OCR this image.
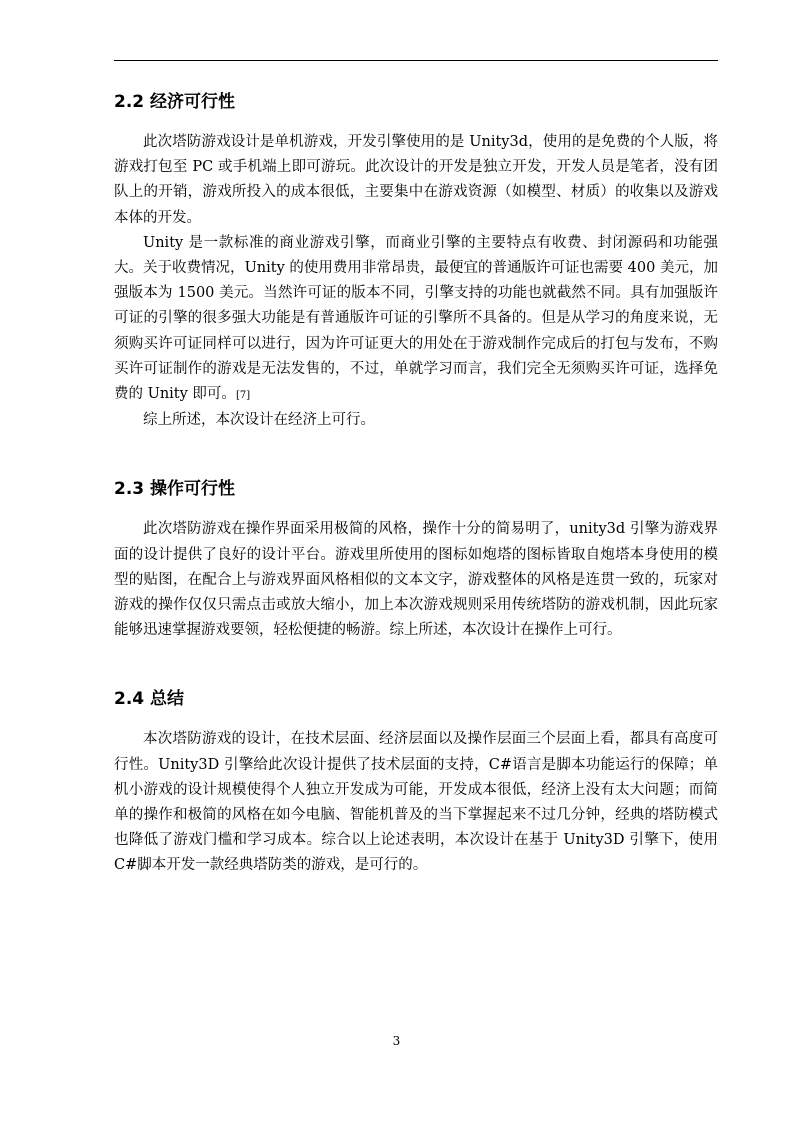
2.2 经济可行性

此次塔防游戏设计是单机游戏，开发引擎使用的是 Unity3d，使用的是免费的个人版，将游戏打包至 PC 或手机端上即可游玩。此次设计的开发是独立开发，开发人员是笔者，没有团队上的开销，游戏所投入的成本很低，主要集中在游戏资源（如模型、材质）的收集以及游戏本体的开发。

Unity 是一款标准的商业游戏引擎，而商业引擎的主要特点有收费、封闭源码和功能强大。关于收费情况，Unity 的使用费用非常昂贵，最便宜的普通版许可证也需要 400 美元，加强版本为 1500 美元。当然许可证的版本不同，引擎支持的功能也就截然不同。具有加强版许可证的引擎的很多强大功能是有普通版许可证的引擎所不具备的。但是从学习的角度来说，无须购买许可证同样可以进行，因为许可证更大的用处在于游戏制作完成后的打包与发布，不购买许可证制作的游戏是无法发售的，不过，单就学习而言，我们完全无须购买许可证，选择免费的 Unity 即可。[7]

综上所述，本次设计在经济上可行。

2.3 操作可行性

此次塔防游戏在操作界面采用极简的风格，操作十分的简易明了，unity3d 引擎为游戏界面的设计提供了良好的设计平台。游戏里所使用的图标如炮塔的图标皆取自炮塔本身使用的模型的贴图，在配合上与游戏界面风格相似的文本文字，游戏整体的风格是连贯一致的，玩家对游戏的操作仅仅只需点击或放大缩小，加上本次游戏规则采用传统塔防的游戏机制，因此玩家能够迅速掌握游戏要领，轻松便捷的畅游。综上所述，本次设计在操作上可行。

2.4 总结

本次塔防游戏的设计，在技术层面、经济层面以及操作层面三个层面上看，都具有高度可行性。Unity3D 引擎给此次设计提供了技术层面的支持，C#语言是脚本功能运行的保障；单机小游戏的设计规模使得个人独立开发成为可能，开发成本很低，经济上没有太大问题；而简单的操作和极简的风格在如今电脑、智能机普及的当下掌握起来不过几分钟，经典的塔防模式也降低了游戏门槛和学习成本。综合以上论述表明，本次设计在基于 Unity3D 引擎下，使用 C#脚本开发一款经典塔防类的游戏，是可行的。

3
